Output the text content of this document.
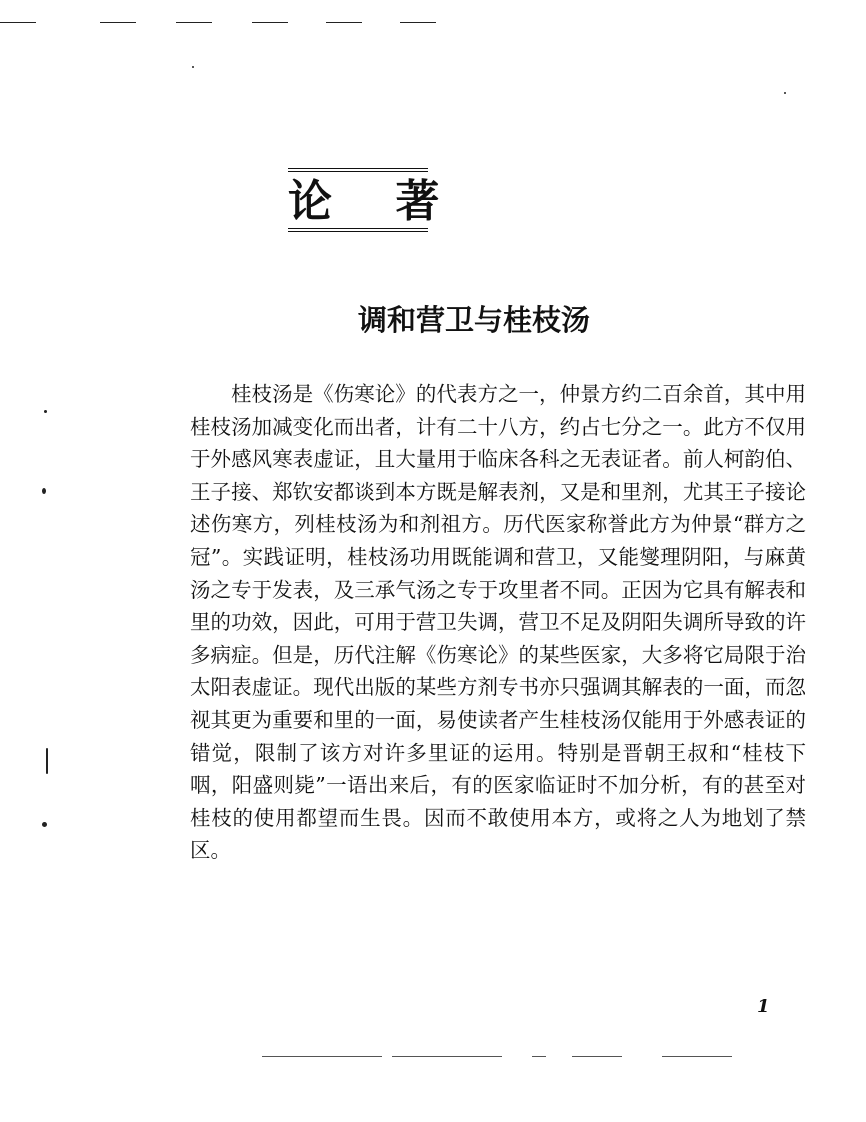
论 著
调和营卫与桂枝汤

桂枝汤是《伤寒论》的代表方之一，仲景方约二百余首，其中用桂枝汤加减变化而出者，计有二十八方，约占七分之一。此方不仅用于外感风寒表虚证，且大量用于临床各科之无表证者。前人柯韵伯、王子接、郑钦安都谈到本方既是解表剂，又是和里剂，尤其王子接论述伤寒方，列桂枝汤为和剂祖方。历代医家称誉此方为仲景“群方之冠”。实践证明，桂枝汤功用既能调和营卫，又能燮理阴阳，与麻黄汤之专于发表，及三承气汤之专于攻里者不同。正因为它具有解表和里的功效，因此，可用于营卫失调，营卫不足及阴阳失调所导致的许多病症。但是，历代注解《伤寒论》的某些医家，大多将它局限于治太阳表虚证。现代出版的某些方剂专书亦只强调其解表的一面，而忽视其更为重要和里的一面，易使读者产生桂枝汤仅能用于外感表证的错觉，限制了该方对许多里证的运用。特别是晋朝王叔和“桂枝下咽，阳盛则毙”一语出来后，有的医家临证时不加分析，有的甚至对桂枝的使用都望而生畏。因而不敢使用本方，或将之人为地划了禁区。

1
